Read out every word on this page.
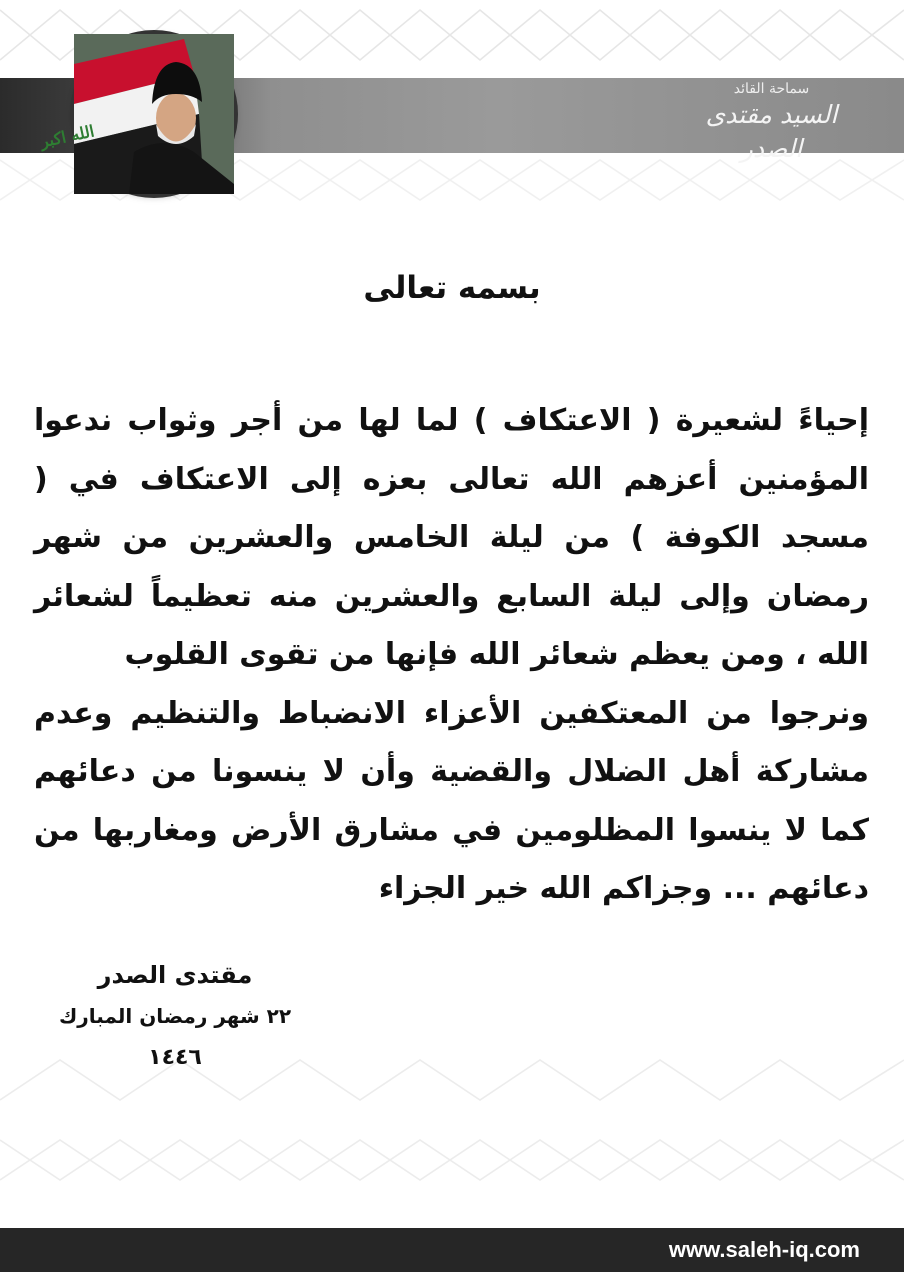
سماحة القائد
السيد مقتدى الصدر
الله اكبر
بسمه تعالى

إحياءً لشعيرة ( الاعتكاف ) لما لها من أجر وثواب ندعوا المؤمنين أعزهم الله تعالى بعزه إلى الاعتكاف في ( مسجد الكوفة ) من ليلة الخامس والعشرين من شهر رمضان وإلى ليلة السابع والعشرين منه تعظيماً لشعائر الله ، ومن يعظم شعائر الله فإنها من تقوى القلوب

ونرجوا من المعتكفين الأعزاء الانضباط والتنظيم وعدم مشاركة أهل الضلال والقضية وأن لا ينسونا من دعائهم كما لا ينسوا المظلومين في مشارق الأرض ومغاربها من دعائهم ... وجزاكم الله خير الجزاء

مقتدى الصدر
٢٢ شهر رمضان المبارك
١٤٤٦
www.saleh-iq.com
